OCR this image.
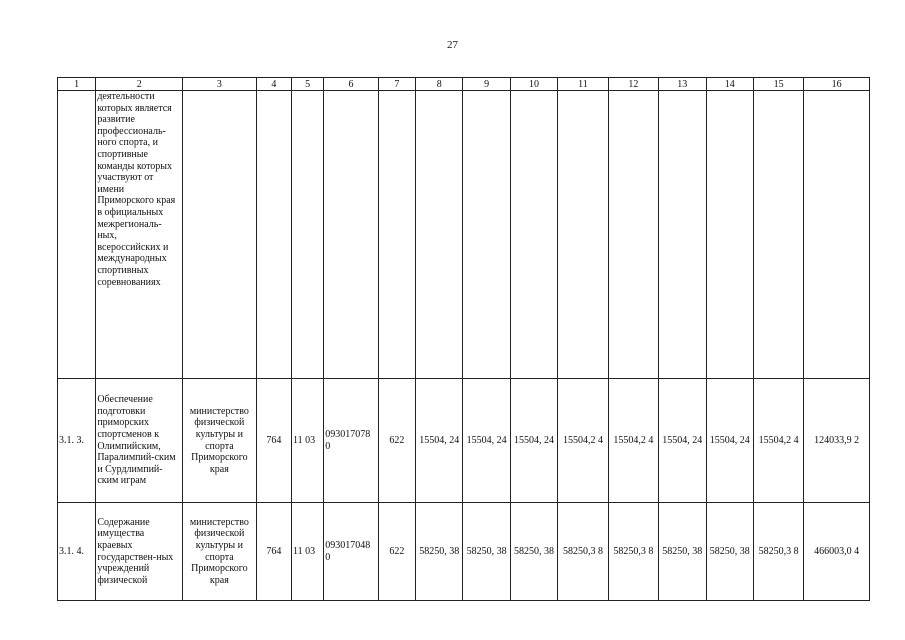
27
1	2	3	4	5	6	7	8	9	10	11	12	13	14	15	16
	деятельности которых является развитие профессиональ-ного спорта, и спортивные команды которых участвуют от имени Приморского края в официальных межрегиональ-ных, всероссийских и международных спортивных соревнованиях														
3.1. 3.	Обеспечение подготовки приморских спортсменов к Олимпийским, Паралимпий-ским и Сурдлимпий-ским играм	министерство физической культуры и спорта Приморского края	764	11 03	093017078 0	622	15504, 24	15504, 24	15504, 24	15504,2 4	15504,2 4	15504, 24	15504, 24	15504,2 4	124033,9 2
3.1. 4.	Содержание имущества краевых государствен-ных учреждений физической	министерство физической культуры и спорта Приморского края	764	11 03	093017048 0	622	58250, 38	58250, 38	58250, 38	58250,3 8	58250,3 8	58250, 38	58250, 38	58250,3 8	466003,0 4
